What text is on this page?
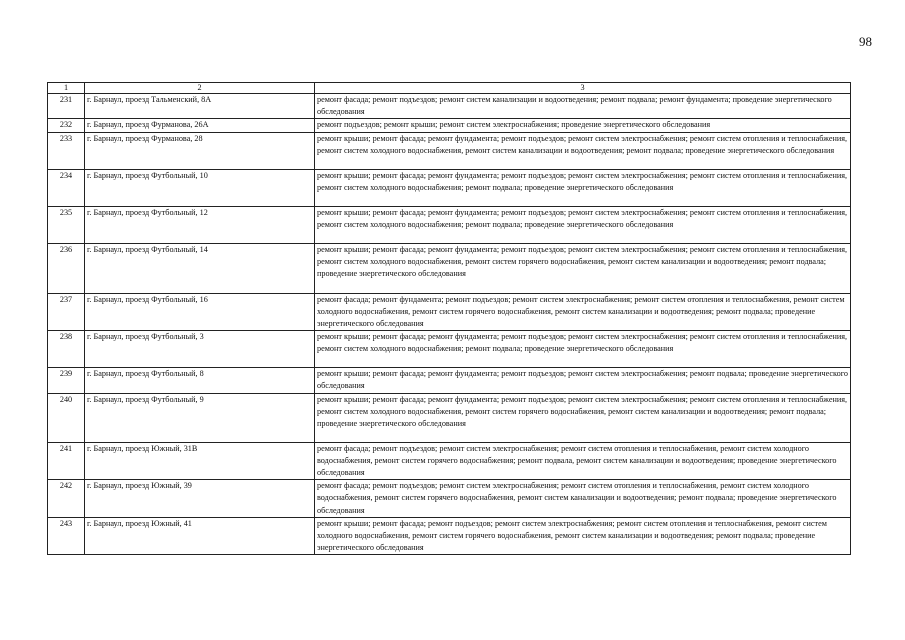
98
1	2	3
231	г. Барнаул, проезд Тальменский, 8А	ремонт фасада; ремонт подъездов; ремонт систем канализации и водоотведения; ремонт подвала; ремонт фундамента; проведение энергетического обследования
232	г. Барнаул, проезд Фурманова, 26А	ремонт подъездов; ремонт крыши; ремонт систем электроснабжения; проведение энергетического обследования
233	г. Барнаул, проезд Фурманова, 28	ремонт крыши; ремонт фасада; ремонт фундамента; ремонт подъездов; ремонт систем электроснабжения; ремонт систем отопления и теплоснабжения, ремонт систем холодного водоснабжения, ремонт систем канализации и водоотведения; ремонт подвала; проведение энергетического обследования
234	г. Барнаул, проезд Футбольный, 10	ремонт крыши; ремонт фасада; ремонт фундамента; ремонт подъездов; ремонт систем электроснабжения; ремонт систем отопления и теплоснабжения, ремонт систем холодного водоснабжения; ремонт подвала; проведение энергетического обследования
235	г. Барнаул, проезд Футбольный, 12	ремонт крыши; ремонт фасада; ремонт фундамента; ремонт подъездов; ремонт систем электроснабжения; ремонт систем отопления и теплоснабжения, ремонт систем холодного водоснабжения; ремонт подвала; проведение энергетического обследования
236	г. Барнаул, проезд Футбольный, 14	ремонт крыши; ремонт фасада; ремонт фундамента; ремонт подъездов; ремонт систем электроснабжения; ремонт систем отопления и теплоснабжения, ремонт систем холодного водоснабжения, ремонт систем горячего водоснабжения, ремонт систем канализации и водоотведения; ремонт подвала; проведение энергетического обследования
237	г. Барнаул, проезд Футбольный, 16	ремонт фасада; ремонт фундамента; ремонт подъездов; ремонт систем электроснабжения; ремонт систем отопления и теплоснабжения, ремонт систем холодного водоснабжения, ремонт систем горячего водоснабжения, ремонт систем канализации и водоотведения; ремонт подвала; проведение энергетического обследования
238	г. Барнаул, проезд Футбольный, 3	ремонт крыши; ремонт фасада; ремонт фундамента; ремонт подъездов; ремонт систем электроснабжения; ремонт систем отопления и теплоснабжения, ремонт систем холодного водоснабжения; ремонт подвала; проведение энергетического обследования
239	г. Барнаул, проезд Футбольный, 8	ремонт крыши; ремонт фасада; ремонт фундамента; ремонт подъездов; ремонт систем электроснабжения; ремонт подвала; проведение энергетического обследования
240	г. Барнаул, проезд Футбольный, 9	ремонт крыши; ремонт фасада; ремонт фундамента; ремонт подъездов; ремонт систем электроснабжения; ремонт систем отопления и теплоснабжения, ремонт систем холодного водоснабжения, ремонт систем горячего водоснабжения, ремонт систем канализации и водоотведения; ремонт подвала; проведение энергетического обследования
241	г. Барнаул, проезд Южный, 31В	ремонт фасада; ремонт подъездов; ремонт систем электроснабжения; ремонт систем отопления и теплоснабжения, ремонт систем холодного водоснабжения, ремонт систем горячего водоснабжения; ремонт подвала, ремонт систем канализации и водоотведения; проведение энергетического обследования
242	г. Барнаул, проезд Южный, 39	ремонт фасада; ремонт подъездов; ремонт систем электроснабжения; ремонт систем отопления и теплоснабжения, ремонт систем холодного водоснабжения, ремонт систем горячего водоснабжения, ремонт систем канализации и водоотведения; ремонт подвала; проведение энергетического обследования
243	г. Барнаул, проезд Южный, 41	ремонт крыши; ремонт фасада; ремонт подъездов; ремонт систем электроснабжения; ремонт систем отопления и теплоснабжения, ремонт систем холодного водоснабжения, ремонт систем горячего водоснабжения, ремонт систем канализации и водоотведения; ремонт подвала; проведение энергетического обследования
